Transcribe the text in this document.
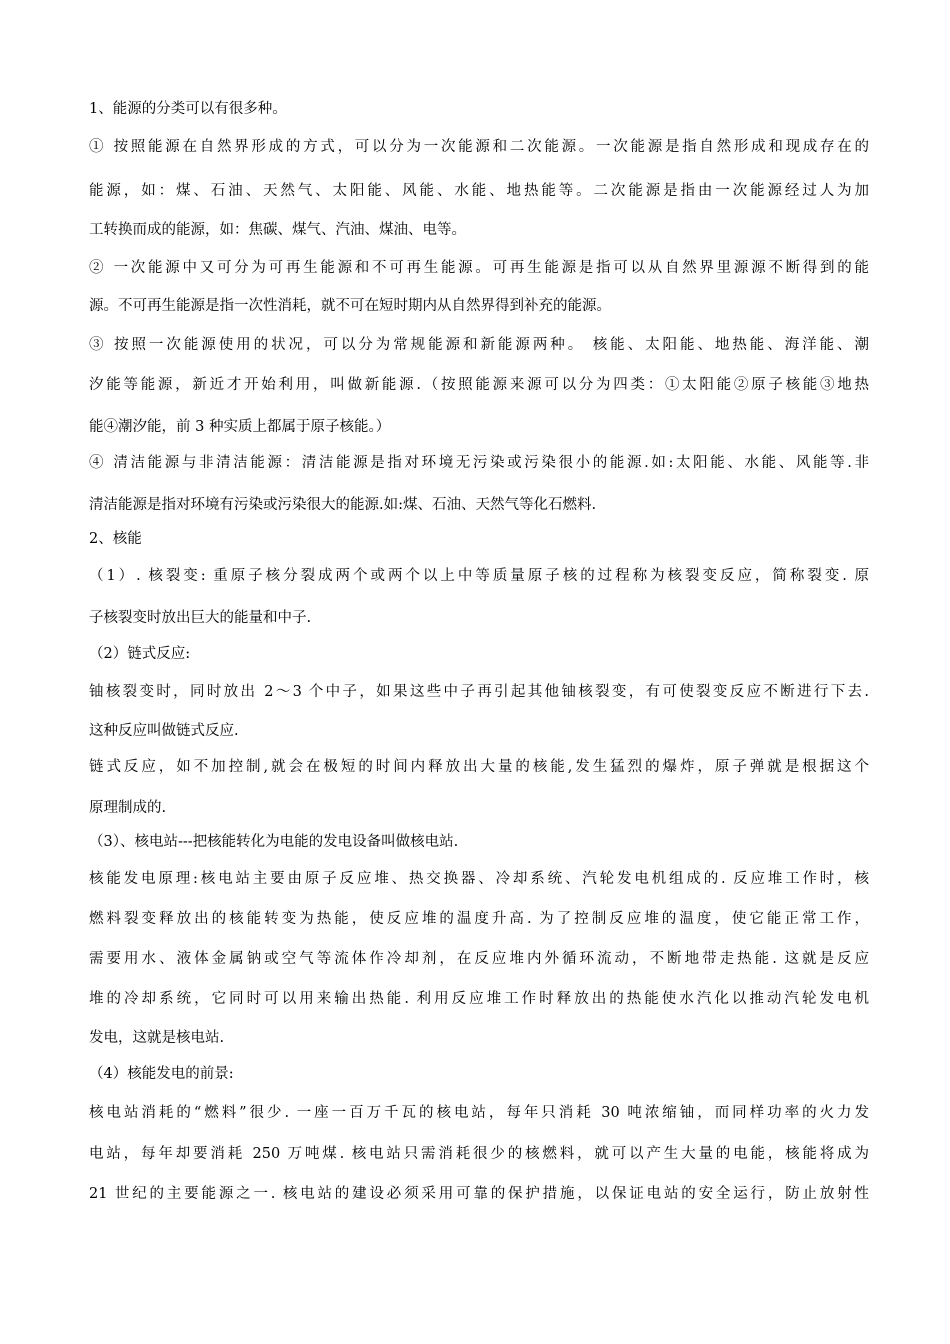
1、能源的分类可以有很多种。
① 按照能源在自然界形成的方式，可以分为一次能源和二次能源。一次能源是指自然形成和现成存在的
能源，如：煤、石油、天然气、太阳能、风能、水能、地热能等。二次能源是指由一次能源经过人为加
工转换而成的能源，如：焦碳、煤气、汽油、煤油、电等。
② 一次能源中又可分为可再生能源和不可再生能源。可再生能源是指可以从自然界里源源不断得到的能
源。不可再生能源是指一次性消耗，就不可在短时期内从自然界得到补充的能源。
③ 按照一次能源使用的状况，可以分为常规能源和新能源两种。 核能、太阳能、地热能、海洋能、潮
汐能等能源，新近才开始利用，叫做新能源.（按照能源来源可以分为四类：①太阳能②原子核能③地热
能④潮汐能，前 3 种实质上都属于原子核能。）
④ 清洁能源与非清洁能源：清洁能源是指对环境无污染或污染很小的能源.如:太阳能、水能、风能等.非
清洁能源是指对环境有污染或污染很大的能源.如:煤、石油、天然气等化石燃料.
2、核能
（1）. 核裂变: 重原子核分裂成两个或两个以上中等质量原子核的过程称为核裂变反应，简称裂变. 原
子核裂变时放出巨大的能量和中子.
（2）链式反应:
铀核裂变时，同时放出 2～3 个中子，如果这些中子再引起其他铀核裂变，有可使裂变反应不断进行下去.
这种反应叫做链式反应.
链式反应，如不加控制,就会在极短的时间内释放出大量的核能,发生猛烈的爆炸，原子弹就是根据这个
原理制成的.
（3）、核电站---把核能转化为电能的发电设备叫做核电站.
核能发电原理:核电站主要由原子反应堆、热交换器、冷却系统、汽轮发电机组成的. 反应堆工作时，核
燃料裂变释放出的核能转变为热能，使反应堆的温度升高. 为了控制反应堆的温度，使它能正常工作，
需要用水、液体金属钠或空气等流体作冷却剂，在反应堆内外循环流动，不断地带走热能. 这就是反应
堆的冷却系统，它同时可以用来输出热能. 利用反应堆工作时释放出的热能使水汽化以推动汽轮发电机
发电，这就是核电站.
（4）核能发电的前景:
核电站消耗的“燃料”很少. 一座一百万千瓦的核电站，每年只消耗 30 吨浓缩铀，而同样功率的火力发
电站，每年却要消耗 250 万吨煤. 核电站只需消耗很少的核燃料，就可以产生大量的电能，核能将成为
21 世纪的主要能源之一. 核电站的建设必须采用可靠的保护措施，以保证电站的安全运行，防止放射性
